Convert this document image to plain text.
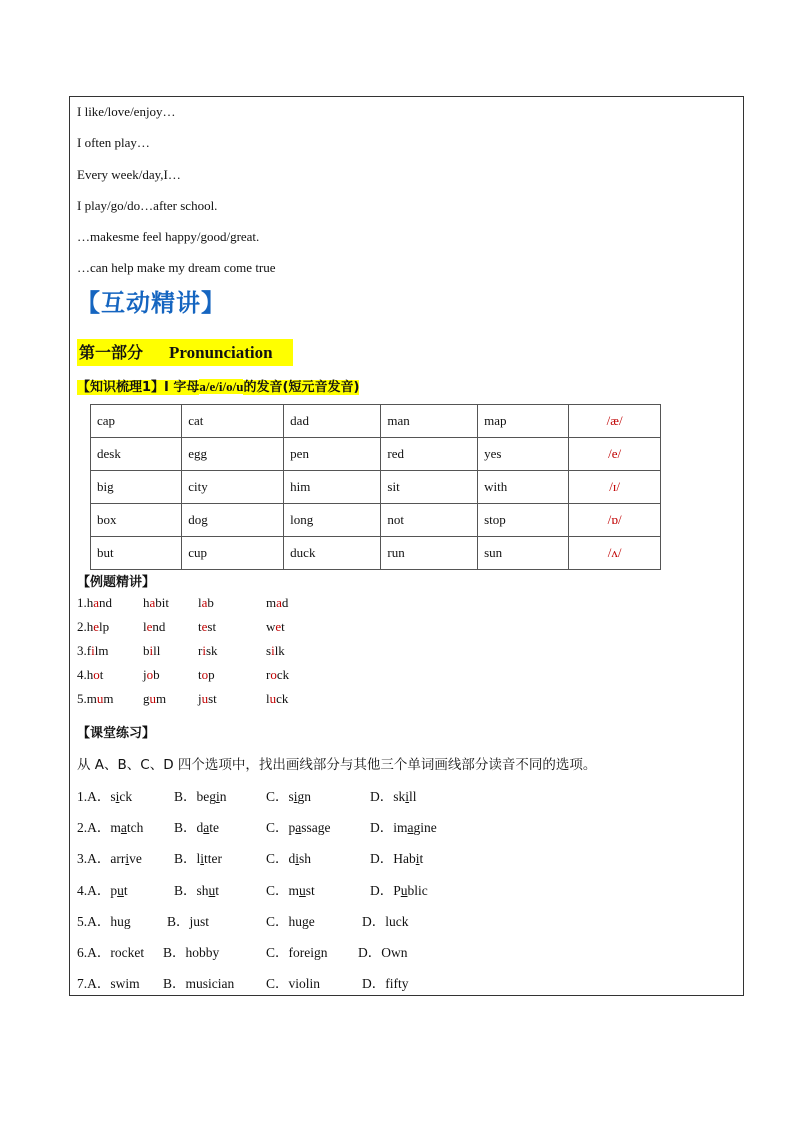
I like/love/enjoy…
I often play…
Every week/day,I…
I play/go/do…after school.
…makesme feel happy/good/great.
…can help make my dream come true
【互动精讲】
第一部分 Pronunciation
【知识梳理1】I 字母a/e/i/o/u的发音(短元音发音)
cap	cat	dad	man	map	/æ/
desk	egg	pen	red	yes	/e/
big	city	him	sit	with	/ɪ/
box	dog	long	not	stop	/ɒ/
but	cup	duck	run	sun	/ʌ/
【例题精讲】
1.hand habit lab	mad
2.help	lend	test	wet
3.film	bill	risk	silk
4.hot	job	top	rock
5.mum gum just	luck
【课堂练习】
从 A、B、C、D 四个选项中，找出画线部分与其他三个单词画线部分读音不同的选项。
1.A．sick	B．begin	C．sign	D．skill
2.A．match B．date	C．passage	D．imagine
3.A．arrive B．litter	C．dish	D．Habit
4.A．put	B．shut	C．must	D．Public
5.A．hug	B．just	C．huge	D．luck
6.A．rocket B．hobby	C．foreign D．Own
7.A．swim B．musician C．violin	D．fifty
